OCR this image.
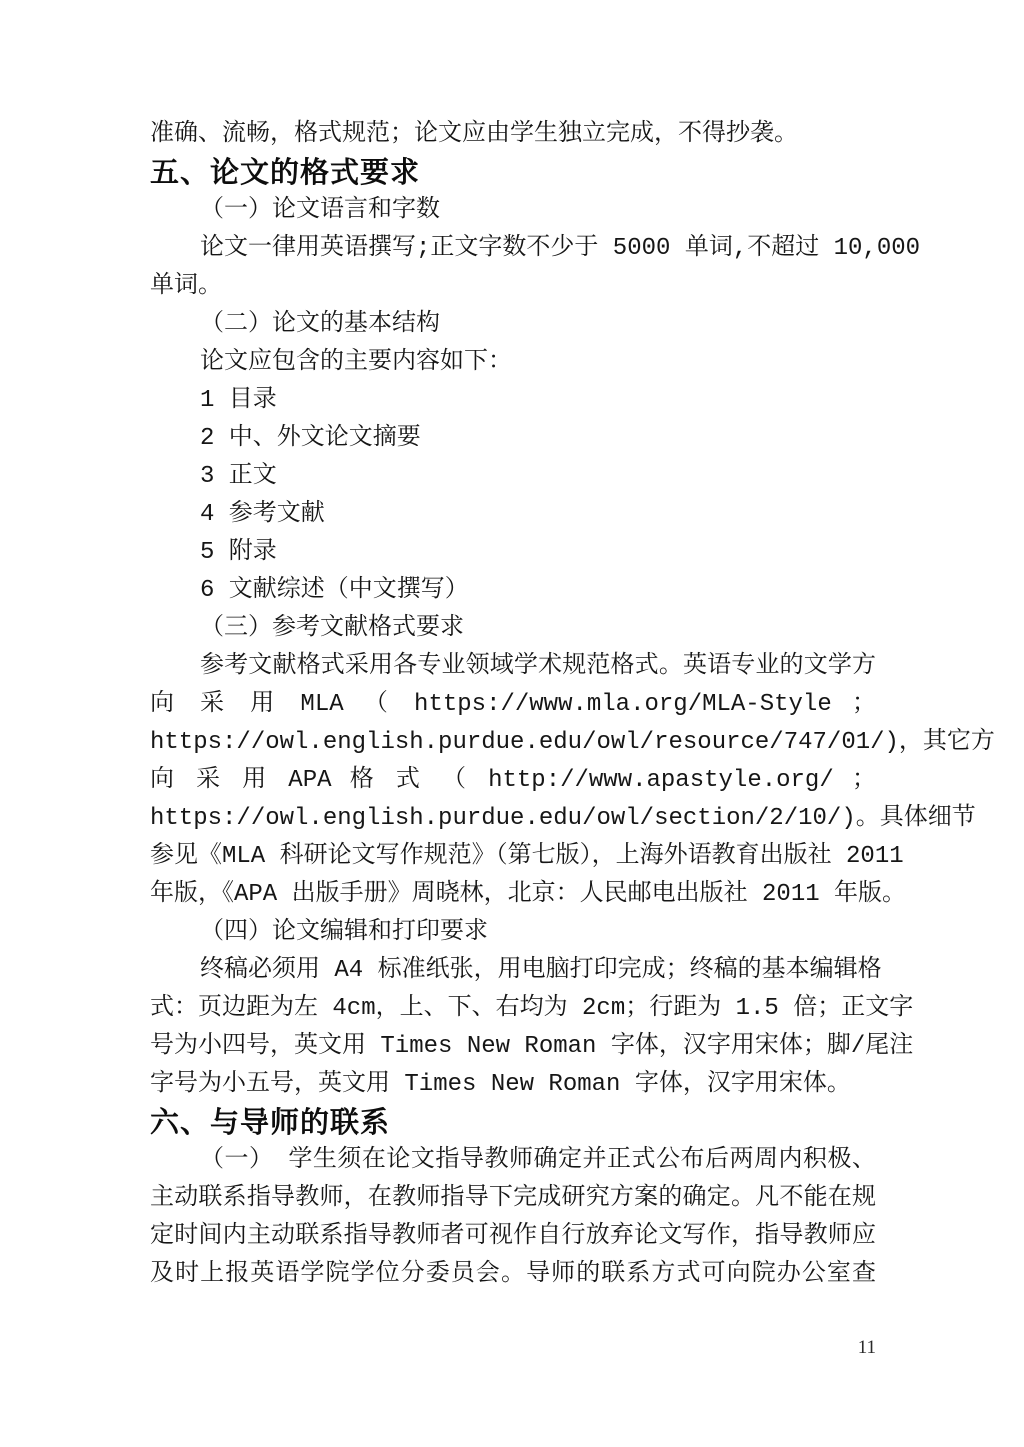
准确、流畅，格式规范；论文应由学生独立完成，不得抄袭。
五、论文的格式要求
（一）论文语言和字数
论文一律用英语撰写;正文字数不少于 5000 单词,不超过 10,000
单词。
（二）论文的基本结构
论文应包含的主要内容如下：
1 目录
2 中、外文论文摘要
3 正文
4 参考文献
5 附录
6 文献综述（中文撰写）
（三）参考文献格式要求
参考文献格式采用各专业领域学术规范格式。英语专业的文学方
向 采 用 MLA （ https://www.mla.org/MLA-Style ；
https://owl.english.purdue.edu/owl/resource/747/01/)，其它方
向 采 用 APA 格 式 （ http://www.apastyle.org/ ；
https://owl.english.purdue.edu/owl/section/2/10/)。具体细节
参见《MLA 科研论文写作规范》（第七版），上海外语教育出版社 2011
年版，《APA 出版手册》周晓林，北京：人民邮电出版社 2011 年版。
（四）论文编辑和打印要求
终稿必须用 A4 标准纸张，用电脑打印完成；终稿的基本编辑格
式：页边距为左 4cm，上、下、右均为 2cm；行距为 1.5 倍；正文字
号为小四号，英文用 Times New Roman 字体，汉字用宋体；脚/尾注
字号为小五号，英文用 Times New Roman 字体，汉字用宋体。
六、与导师的联系
（一） 学生须在论文指导教师确定并正式公布后两周内积极、
主动联系指导教师，在教师指导下完成研究方案的确定。凡不能在规
定时间内主动联系指导教师者可视作自行放弃论文写作，指导教师应
及时上报英语学院学位分委员会。导师的联系方式可向院办公室查
11
